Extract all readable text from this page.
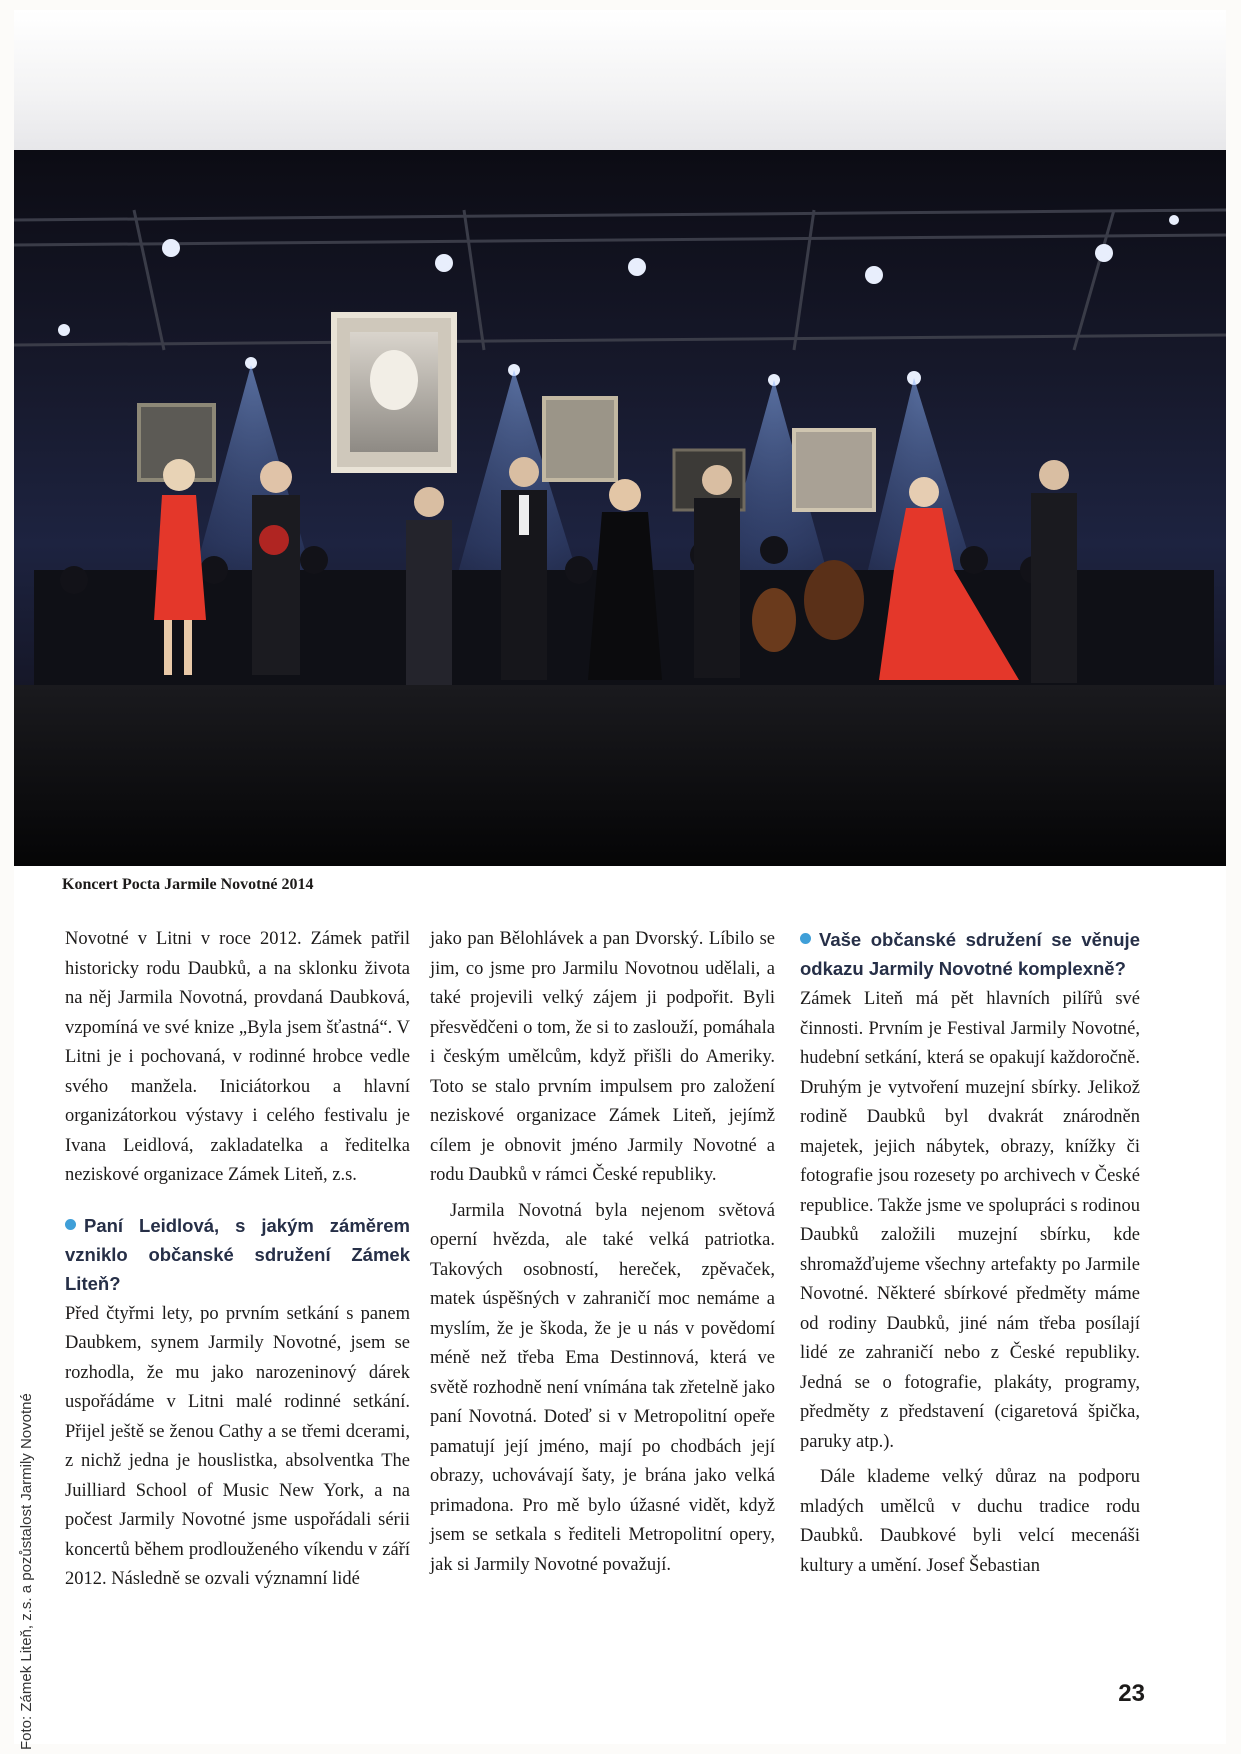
Koncert Pocta Jarmile Novotné 2014

Novotné v Litni v roce 2012. Zámek patřil historicky rodu Daubků, a na sklonku života na něj Jarmila Novotná, provdaná Daubková, vzpomíná ve své knize „Byla jsem šťastná“. V Litni je i pochovaná, v rodinné hrobce vedle svého manžela. Iniciátorkou a hlavní organizátorkou výstavy i celého festivalu je Ivana Leidlová, zakladatelka a ředitelka neziskové organizace Zámek Liteň, z.s.

Paní Leidlová, s jakým záměrem vzniklo občanské sdružení Zámek Liteň?

Před čtyřmi lety, po prvním setkání s panem Daubkem, synem Jarmily Novotné, jsem se rozhodla, že mu jako narozeninový dárek uspořádáme v Litni malé rodinné setkání. Přijel ještě se ženou Cathy a se třemi dcerami, z nichž jedna je houslistka, absolventka The Juilliard School of Music New York, a na počest Jarmily Novotné jsme uspořádali sérii koncertů během prodlouženého víkendu v září 2012. Následně se ozvali významní lidé

jako pan Bělohlávek a pan Dvorský. Líbilo se jim, co jsme pro Jarmilu Novotnou udělali, a také projevili velký zájem ji podpořit. Byli přesvědčeni o tom, že si to zaslouží, pomáhala i českým umělcům, když přišli do Ameriky. Toto se stalo prvním impulsem pro založení neziskové organizace Zámek Liteň, jejímž cílem je obnovit jméno Jarmily Novotné a rodu Daubků v rámci České republiky.

Jarmila Novotná byla nejenom světová operní hvězda, ale také velká patriotka. Takových osobností, hereček, zpěvaček, matek úspěšných v zahraničí moc nemáme a myslím, že je škoda, že je u nás v povědomí méně než třeba Ema Destinnová, která ve světě rozhodně není vnímána tak zřetelně jako paní Novotná. Doteď si v Metropolitní opeře pamatují její jméno, mají po chodbách její obrazy, uchovávají šaty, je brána jako velká primadona. Pro mě bylo úžasné vidět, když jsem se setkala s řediteli Metropolitní opery, jak si Jarmily Novotné považují.

Vaše občanské sdružení se věnuje odkazu Jarmily Novotné komplexně?

Zámek Liteň má pět hlavních pilířů své činnosti. Prvním je Festival Jarmily Novotné, hudební setkání, která se opakují každoročně. Druhým je vytvoření muzejní sbírky. Jelikož rodině Daubků byl dvakrát znárodněn majetek, jejich nábytek, obrazy, knížky či fotografie jsou rozesety po archivech v České republice. Takže jsme ve spolupráci s rodinou Daubků založili muzejní sbírku, kde shromažďujeme všechny artefakty po Jarmile Novotné. Některé sbírkové předměty máme od rodiny Daubků, jiné nám třeba posílají lidé ze zahraničí nebo z České republiky. Jedná se o fotografie, plakáty, programy, předměty z představení (cigaretová špička, paruky atp.).

Dále klademe velký důraz na podporu mladých umělců v duchu tradice rodu Daubků. Daubkové byli velcí mecenáši kultury a umění. Josef Šebastian

Foto: Zámek Liteň, z.s. a pozůstalost Jarmily Novotné	23
